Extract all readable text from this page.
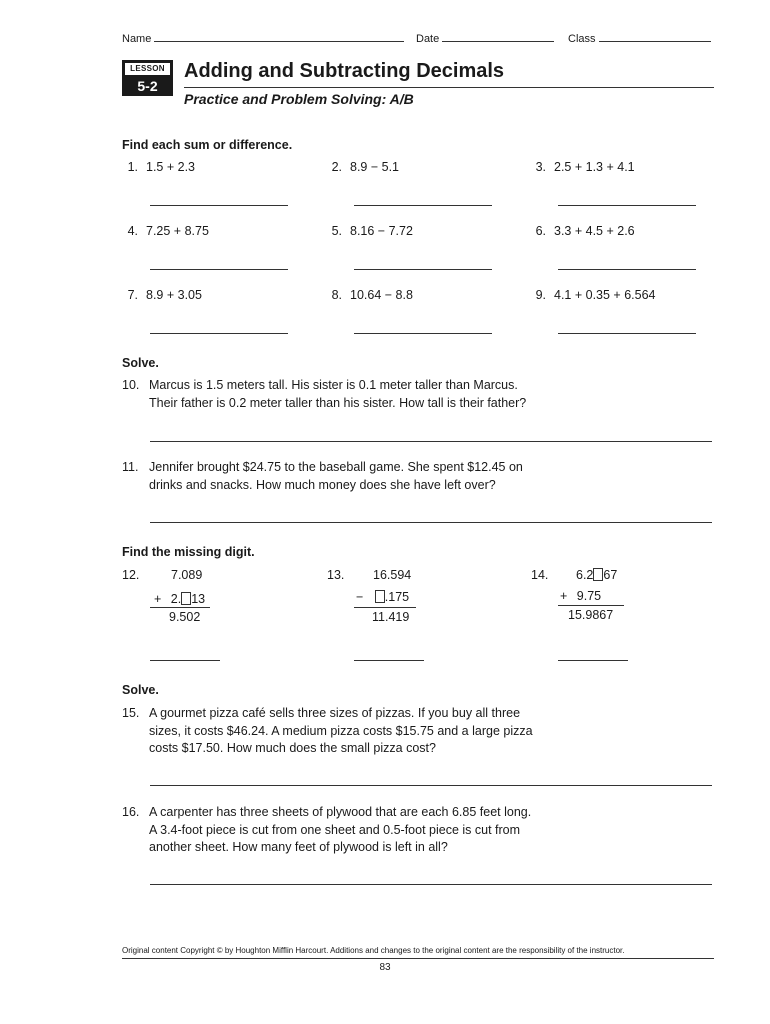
Name	Date	Class
LESSON
5-2
Adding and Subtracting Decimals
Practice and Problem Solving: A/B
Find each sum or difference.
1. 1.5 + 2.3	2. 8.9 − 5.1	3. 2.5 + 1.3 + 4.1
4. 7.25 + 8.75	5. 8.16 − 7.72	6. 3.3 + 4.5 + 2.6
7. 8.9 + 3.05	8. 10.64 − 8.8	9. 4.1 + 0.35 + 6.564
Solve.
10. Marcus is 1.5 meters tall. His sister is 0.1 meter taller than Marcus.
Their father is 0.2 meter taller than his sister. How tall is their father?
11. Jennifer brought $24.75 to the baseball game. She spent $12.45 on
drinks and snacks. How much money does she have left over?
Find the missing digit.
12.	7.089
+ 2. 13
9.502
13. 16.594
− .175
11.419
14. 6.2 67
+ 9.75
15.9867
Solve.
15. A gourmet pizza café sells three sizes of pizzas. If you buy all three
sizes, it costs $46.24. A medium pizza costs $15.75 and a large pizza
costs $17.50. How much does the small pizza cost?
16. A carpenter has three sheets of plywood that are each 6.85 feet long.
A 3.4-foot piece is cut from one sheet and 0.5-foot piece is cut from
another sheet. How many feet of plywood is left in all?
Original content Copyright © by Houghton Mifflin Harcourt. Additions and changes to the original content are the responsibility of the instructor.
83
